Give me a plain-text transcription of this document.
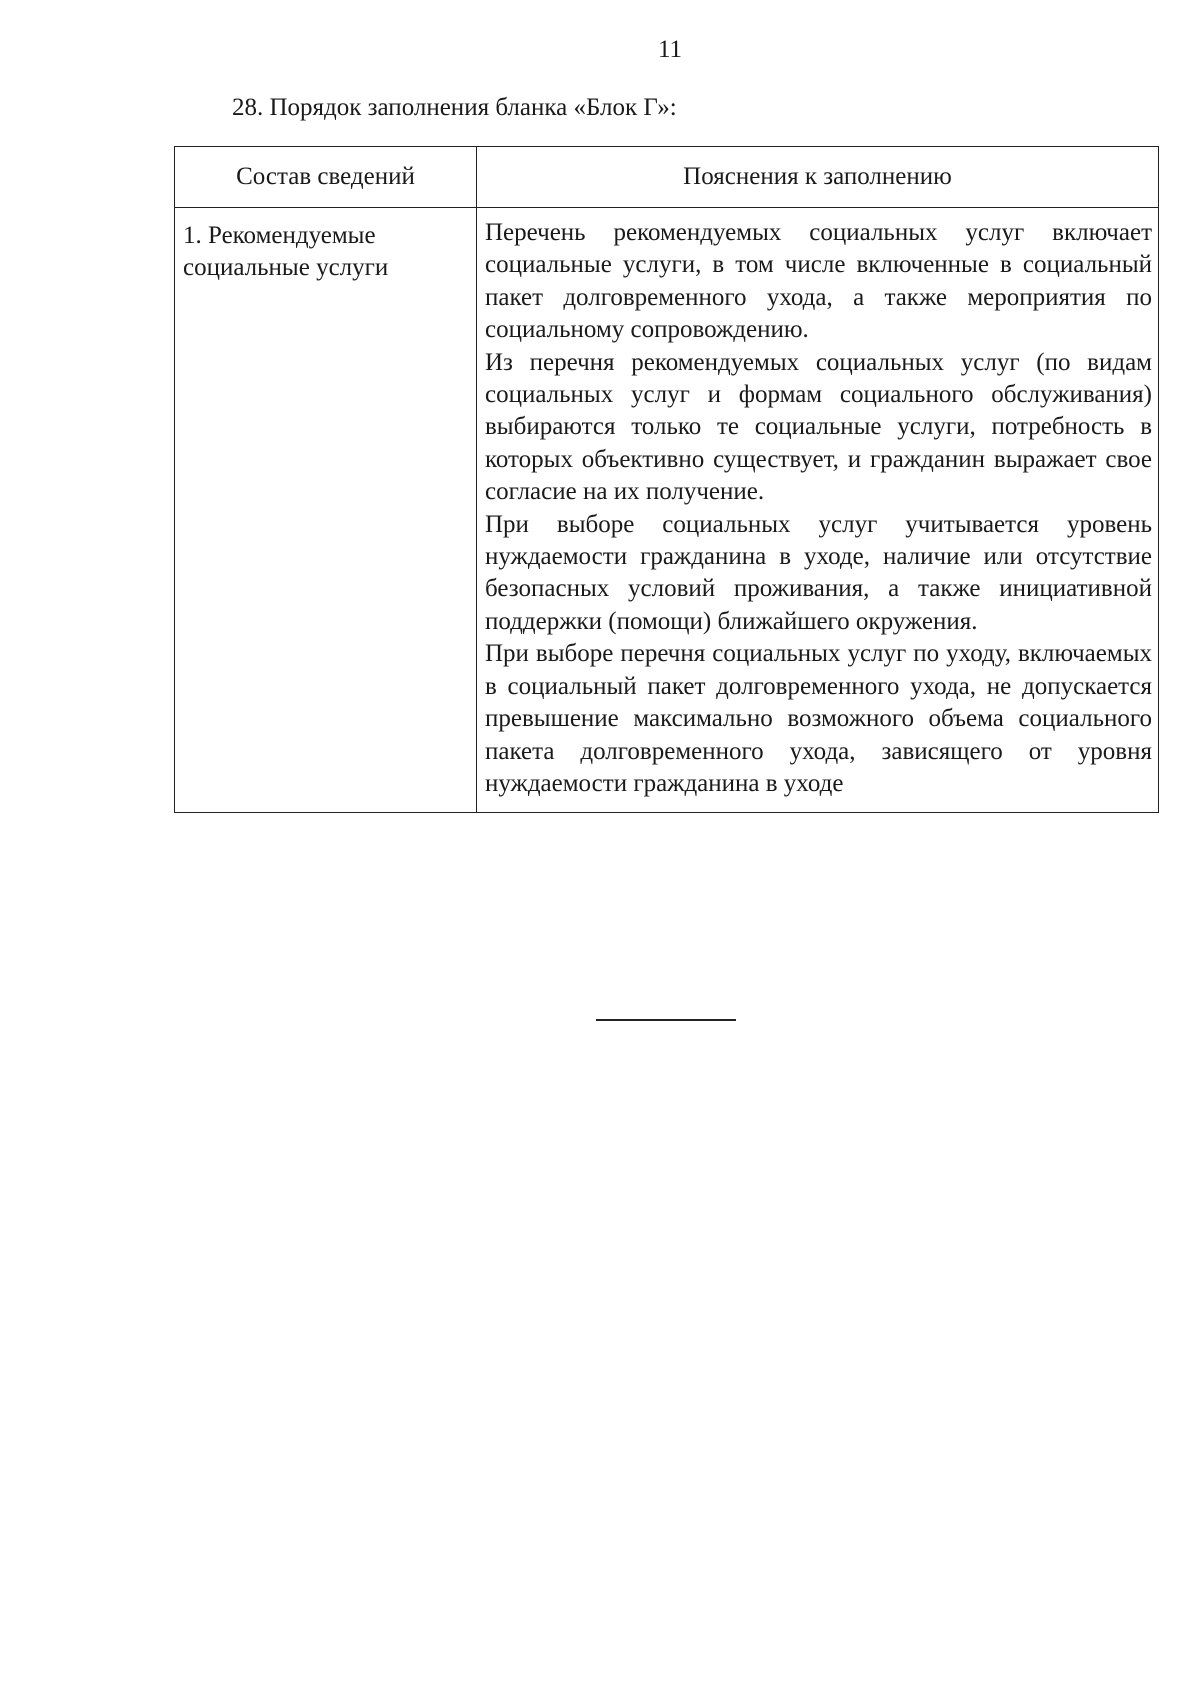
11
28. Порядок заполнения бланка «Блок Г»:
Состав сведений	Пояснения к заполнению
1. Рекомендуемые социальные услуги	Перечень рекомендуемых социальных услуг включает социальные услуги, в том числе включенные в социальный пакет долговременного ухода, а также мероприятия по социальному сопровождению.

Из перечня рекомендуемых социальных услуг (по видам социальных услуг и формам социального обслуживания) выбираются только те социальные услуги, потребность в которых объективно существует, и гражданин выражает свое согласие на их получение.

При выборе социальных услуг учитывается уровень нуждаемости гражданина в уходе, наличие или отсутствие безопасных условий проживания, а также инициативной поддержки (помощи) ближайшего окружения.

При выборе перечня социальных услуг по уходу, включаемых в социальный пакет долговременного ухода, не допускается превышение максимально возможного объема социального пакета долговременного ухода, зависящего от уровня нуждаемости гражданина в уходе
